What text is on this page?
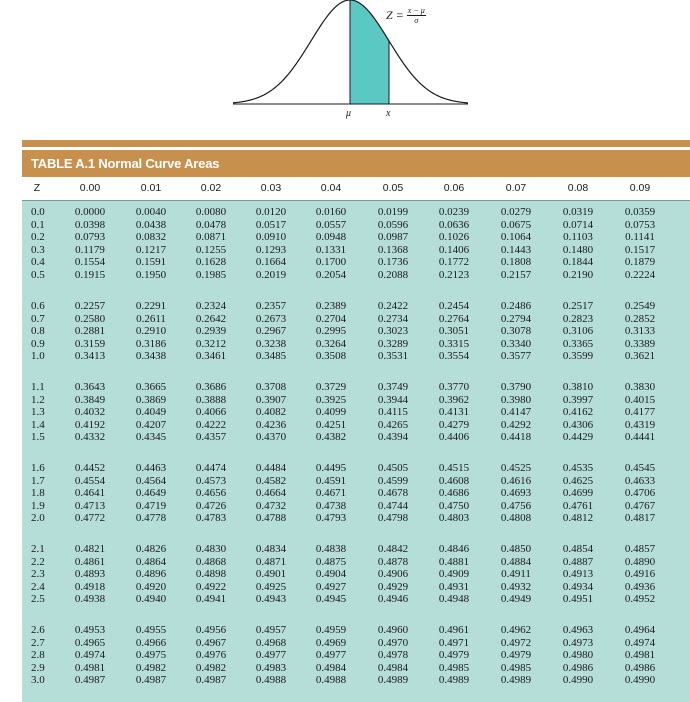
$Z = \frac{x - \mu}{\sigma}$
μ	x
TABLE A.1 Normal Curve Areas
Z	0.00	0.01	0.02	0.03	0.04	0.05	0.06	0.07	0.08	0.09
0.0	0.0000	0.0040	0.0080	0.0120	0.0160	0.0199	0.0239	0.0279	0.0319	0.0359
0.1	0.0398	0.0438	0.0478	0.0517	0.0557	0.0596	0.0636	0.0675	0.0714	0.0753
0.2	0.0793	0.0832	0.0871	0.0910	0.0948	0.0987	0.1026	0.1064	0.1103	0.1141
0.3	0.1179	0.1217	0.1255	0.1293	0.1331	0.1368	0.1406	0.1443	0.1480	0.1517
0.4	0.1554	0.1591	0.1628	0.1664	0.1700	0.1736	0.1772	0.1808	0.1844	0.1879
0.5	0.1915	0.1950	0.1985	0.2019	0.2054	0.2088	0.2123	0.2157	0.2190	0.2224
0.6	0.2257	0.2291	0.2324	0.2357	0.2389	0.2422	0.2454	0.2486	0.2517	0.2549
0.7	0.2580	0.2611	0.2642	0.2673	0.2704	0.2734	0.2764	0.2794	0.2823	0.2852
0.8	0.2881	0.2910	0.2939	0.2967	0.2995	0.3023	0.3051	0.3078	0.3106	0.3133
0.9	0.3159	0.3186	0.3212	0.3238	0.3264	0.3289	0.3315	0.3340	0.3365	0.3389
1.0	0.3413	0.3438	0.3461	0.3485	0.3508	0.3531	0.3554	0.3577	0.3599	0.3621
1.1	0.3643	0.3665	0.3686	0.3708	0.3729	0.3749	0.3770	0.3790	0.3810	0.3830
1.2	0.3849	0.3869	0.3888	0.3907	0.3925	0.3944	0.3962	0.3980	0.3997	0.4015
1.3	0.4032	0.4049	0.4066	0.4082	0.4099	0.4115	0.4131	0.4147	0.4162	0.4177
1.4	0.4192	0.4207	0.4222	0.4236	0.4251	0.4265	0.4279	0.4292	0.4306	0.4319
1.5	0.4332	0.4345	0.4357	0.4370	0.4382	0.4394	0.4406	0.4418	0.4429	0.4441
1.6	0.4452	0.4463	0.4474	0.4484	0.4495	0.4505	0.4515	0.4525	0.4535	0.4545
1.7	0.4554	0.4564	0.4573	0.4582	0.4591	0.4599	0.4608	0.4616	0.4625	0.4633
1.8	0.4641	0.4649	0.4656	0.4664	0.4671	0.4678	0.4686	0.4693	0.4699	0.4706
1.9	0.4713	0.4719	0.4726	0.4732	0.4738	0.4744	0.4750	0.4756	0.4761	0.4767
2.0	0.4772	0.4778	0.4783	0.4788	0.4793	0.4798	0.4803	0.4808	0.4812	0.4817
2.1	0.4821	0.4826	0.4830	0.4834	0.4838	0.4842	0.4846	0.4850	0.4854	0.4857
2.2	0.4861	0.4864	0.4868	0.4871	0.4875	0.4878	0.4881	0.4884	0.4887	0.4890
2.3	0.4893	0.4896	0.4898	0.4901	0.4904	0.4906	0.4909	0.4911	0.4913	0.4916
2.4	0.4918	0.4920	0.4922	0.4925	0.4927	0.4929	0.4931	0.4932	0.4934	0.4936
2.5	0.4938	0.4940	0.4941	0.4943	0.4945	0.4946	0.4948	0.4949	0.4951	0.4952
2.6	0.4953	0.4955	0.4956	0.4957	0.4959	0.4960	0.4961	0.4962	0.4963	0.4964
2.7	0.4965	0.4966	0.4967	0.4968	0.4969	0.4970	0.4971	0.4972	0.4973	0.4974
2.8	0.4974	0.4975	0.4976	0.4977	0.4977	0.4978	0.4979	0.4979	0.4980	0.4981
2.9	0.4981	0.4982	0.4982	0.4983	0.4984	0.4984	0.4985	0.4985	0.4986	0.4986
3.0	0.4987	0.4987	0.4987	0.4988	0.4988	0.4989	0.4989	0.4989	0.4990	0.4990
